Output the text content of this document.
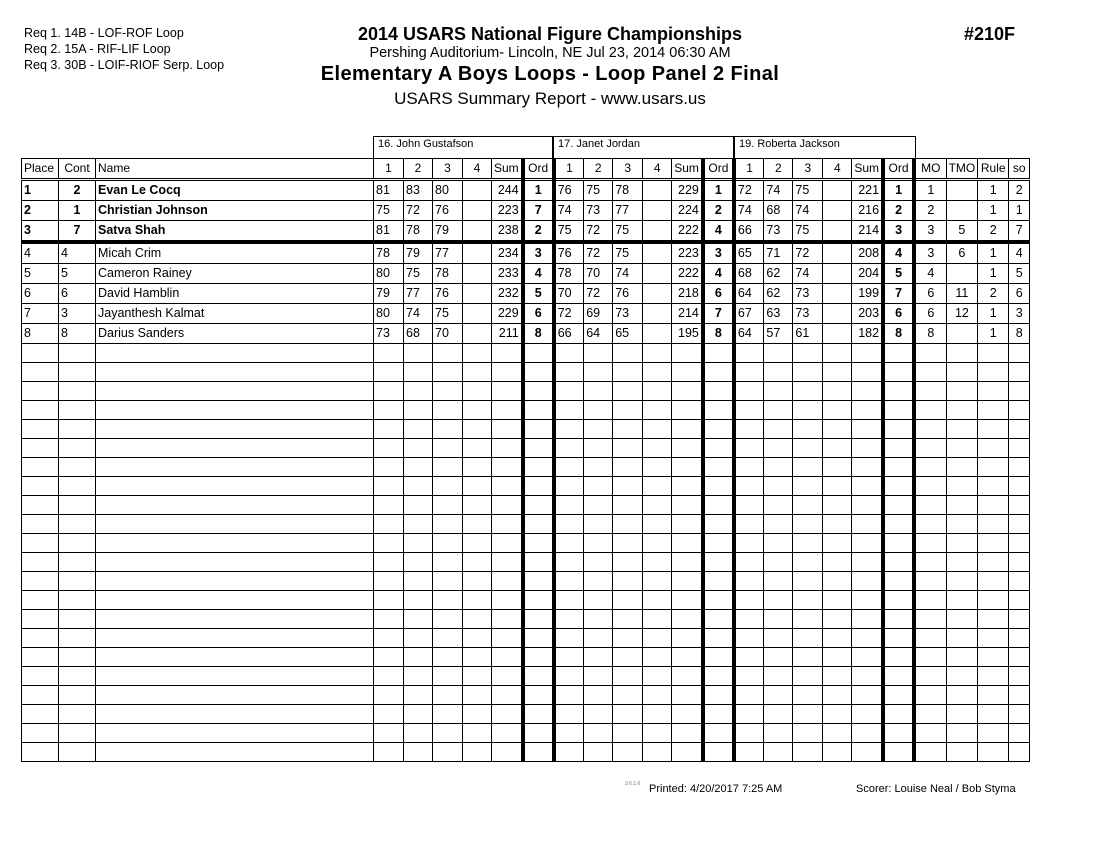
Req 1. 14B - LOF-ROF Loop
Req 2. 15A - RIF-LIF Loop
Req 3. 30B - LOIF-RIOF Serp. Loop
2014 USARS National Figure Championships
Pershing Auditorium- Lincoln, NE Jul 23, 2014 06:30 AM
Elementary A Boys Loops - Loop Panel 2 Final
USARS Summary Report - www.usars.us
#210F
16. John Gustafson	17. Janet Jordan	19. Roberta Jackson
Place	Cont	Name	1	2	3	4	Sum	Ord	1	2	3	4	Sum	Ord	1	2	3	4	Sum	Ord	MO	TMO	Rule	so
1	2	Evan Le Cocq	81	83	80		244	1	76	75	78		229	1	72	74	75		221	1	1		1	2
2	1	Christian Johnson	75	72	76		223	7	74	73	77		224	2	74	68	74		216	2	2		1	1
3	7	Satva Shah	81	78	79		238	2	75	72	75		222	4	66	73	75		214	3	3	5	2	7
4	4	Micah Crim	78	79	77		234	3	76	72	75		223	3	65	71	72		208	4	3	6	1	4
5	5	Cameron Rainey	80	75	78		233	4	78	70	74		222	4	68	62	74		204	5	4		1	5
6	6	David Hamblin	79	77	76		232	5	70	72	76		218	6	64	62	73		199	7	6	11	2	6
7	3	Jayanthesh Kalmat	80	74	75		229	6	72	69	73		214	7	67	63	73		203	6	6	12	1	3
8	8	Darius Sanders	73	68	70		211	8	66	64	65		195	8	64	57	61		182	8	8		1	8

3.6.1.6 Printed: 4/20/2017 7:25 AM	Scorer: Louise Neal / Bob Styma
